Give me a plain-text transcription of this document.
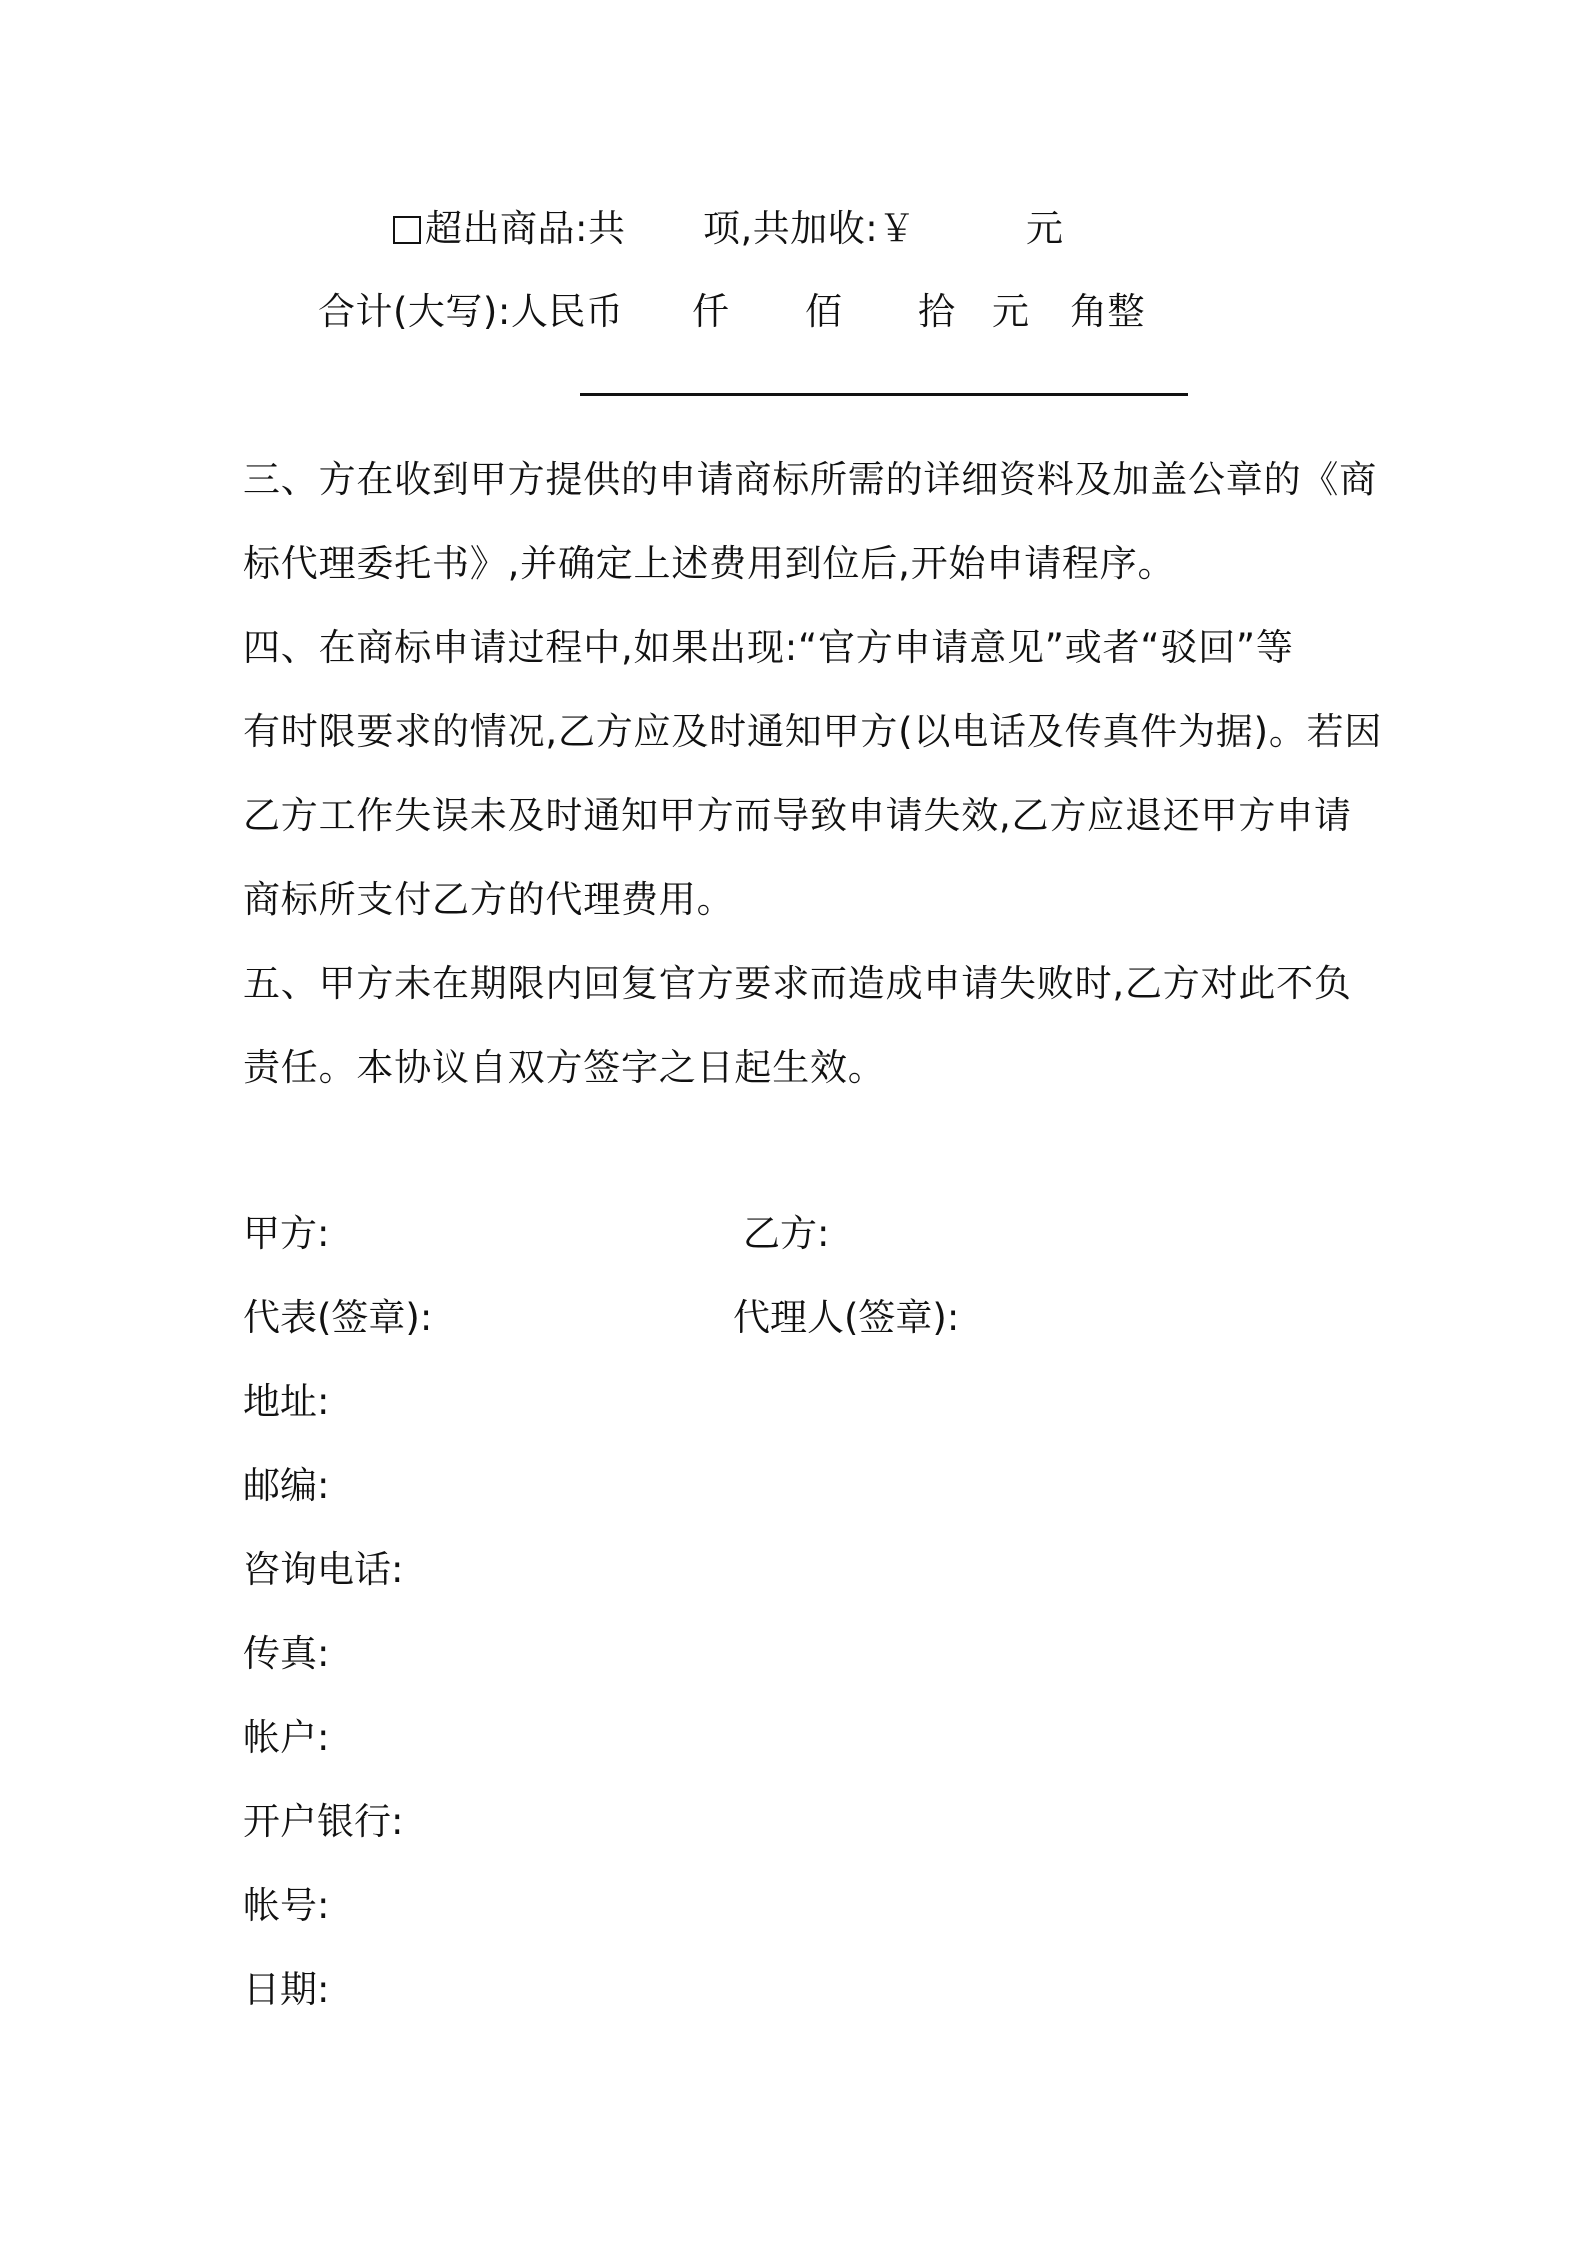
超出商品:共 项,共加收:￥	元
合计(大写):人民币 仟 佰 拾 元 角整
三、方在收到甲方提供的申请商标所需的详细资料及加盖公章的《商
标代理委托书》,并确定上述费用到位后,开始申请程序。
四、在商标申请过程中,如果出现:“官方申请意见”或者“驳回”等
有时限要求的情况,乙方应及时通知甲方(以电话及传真件为据)。若因
乙方工作失误未及时通知甲方而导致申请失效,乙方应退还甲方申请
商标所支付乙方的代理费用。
五、甲方未在期限内回复官方要求而造成申请失败时,乙方对此不负
责任。本协议自双方签字之日起生效。
甲方:	乙方:
代表(签章):	代理人(签章):
地址:
邮编:
咨询电话:
传真:
帐户:
开户银行:
帐号:
日期:
